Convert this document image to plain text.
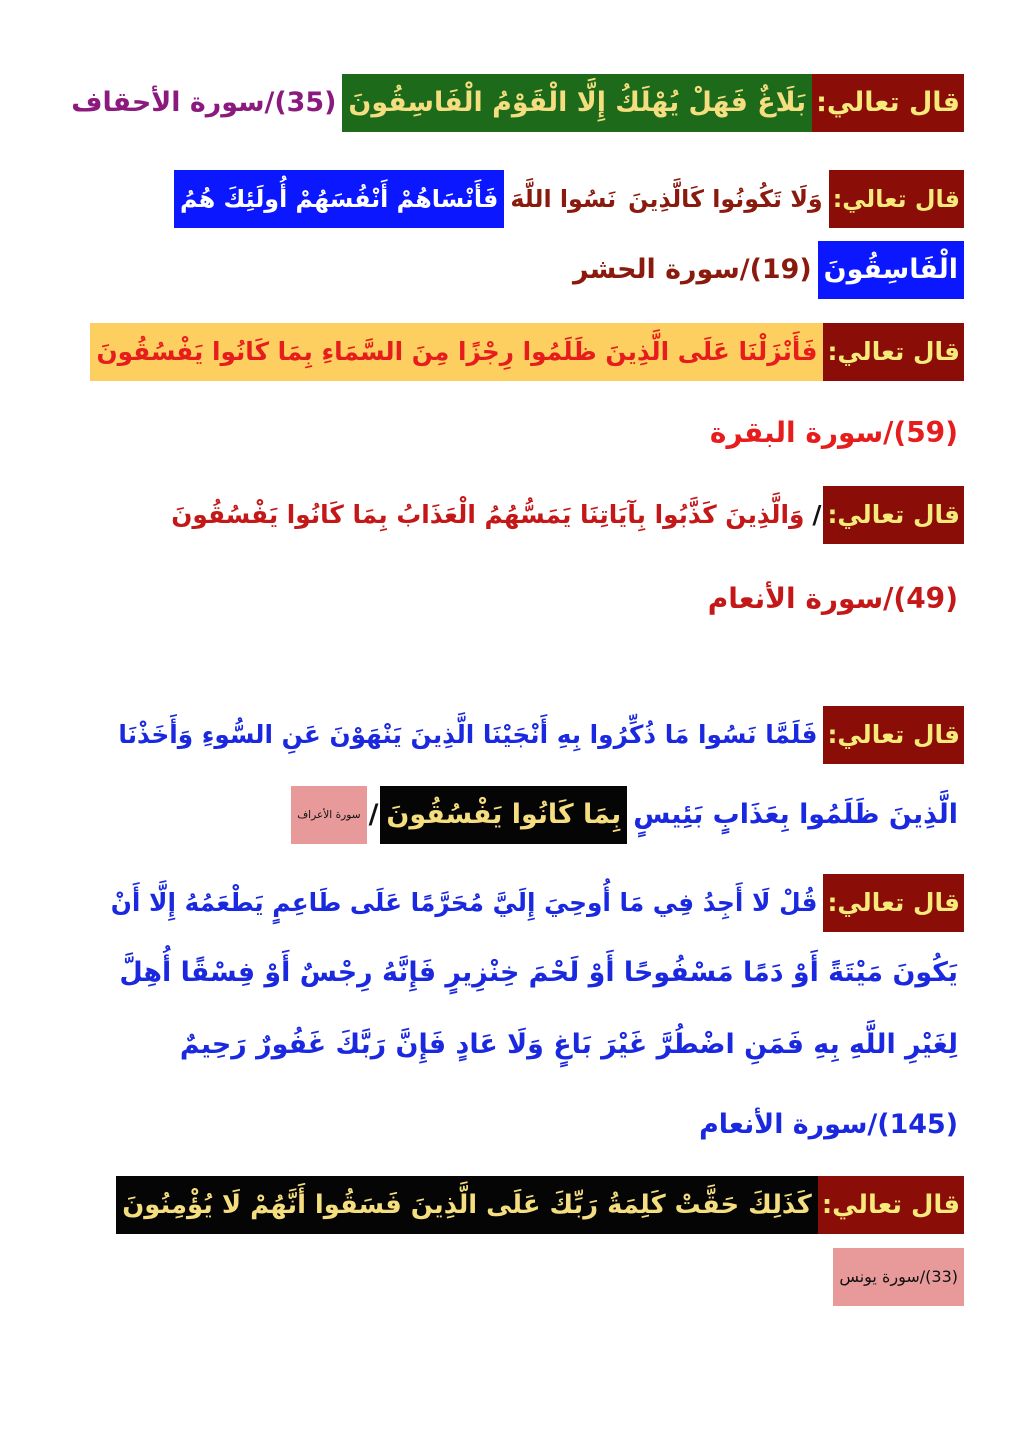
قال تعالي:
بَلَاغٌ فَهَلْ يُهْلَكُ إِلَّا الْقَوْمُ الْفَاسِقُونَ
(35)/سورة الأحقاف
قال تعالي:
وَلَا تَكُونُوا كَالَّذِينَ
نَسُوا اللَّهَ
فَأَنْسَاهُمْ أَنْفُسَهُمْ أُولَئِكَ هُمُ
الْفَاسِقُونَ
(19)/سورة الحشر
قال تعالي:
فَأَنْزَلْنَا عَلَى الَّذِينَ ظَلَمُوا رِجْزًا مِنَ السَّمَاءِ بِمَا كَانُوا يَفْسُقُونَ
(59)/سورة البقرة
قال تعالي:
/
وَالَّذِينَ كَذَّبُوا بِآيَاتِنَا يَمَسُّهُمُ الْعَذَابُ بِمَا كَانُوا يَفْسُقُونَ
(49)/سورة الأنعام
قال تعالي:
فَلَمَّا نَسُوا مَا ذُكِّرُوا بِهِ أَنْجَيْنَا الَّذِينَ يَنْهَوْنَ عَنِ السُّوءِ وَأَخَذْنَا
الَّذِينَ ظَلَمُوا بِعَذَابٍ بَئِيسٍ
بِمَا كَانُوا يَفْسُقُونَ
/
سورة الأعراف
قال تعالي:
قُلْ لَا أَجِدُ فِي مَا أُوحِيَ إِلَيَّ مُحَرَّمًا عَلَى طَاعِمٍ يَطْعَمُهُ إِلَّا أَنْ
يَكُونَ مَيْتَةً أَوْ دَمًا مَسْفُوحًا أَوْ لَحْمَ خِنْزِيرٍ فَإِنَّهُ رِجْسٌ أَوْ فِسْقًا أُهِلَّ
لِغَيْرِ اللَّهِ بِهِ فَمَنِ اضْطُرَّ غَيْرَ بَاغٍ وَلَا عَادٍ فَإِنَّ رَبَّكَ غَفُورٌ رَحِيمٌ
(145)/سورة الأنعام
قال تعالي:
كَذَلِكَ حَقَّتْ كَلِمَةُ رَبِّكَ عَلَى الَّذِينَ فَسَقُوا أَنَّهُمْ لَا يُؤْمِنُونَ
(33)/سورة يونس
